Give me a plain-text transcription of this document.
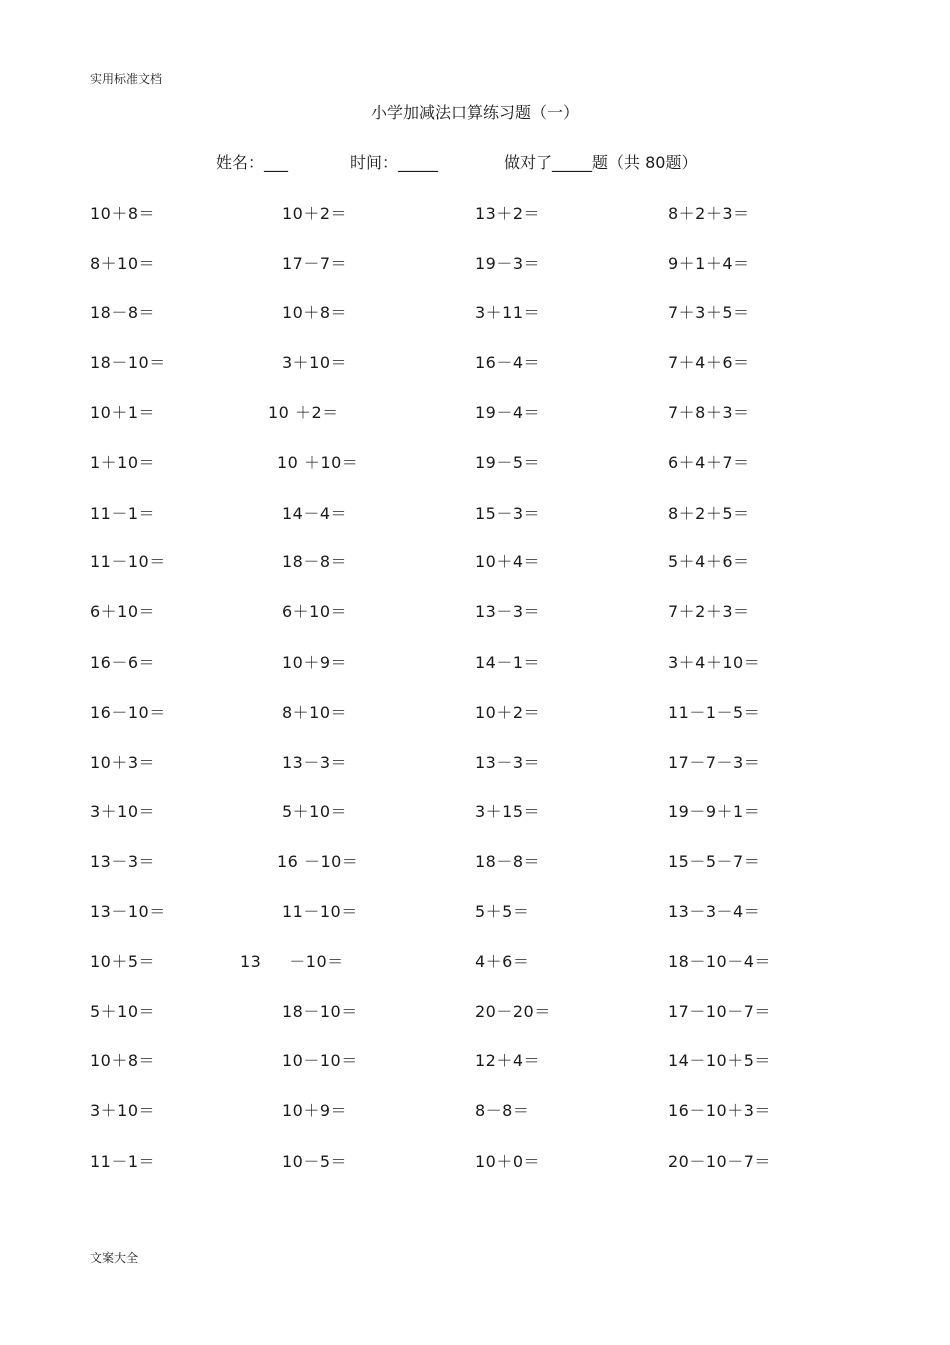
实用标准文档
小学加减法口算练习题（一）
姓名：___	时间：_____	做对了_____题（共 80题）
10＋8＝
8＋10＝
18－8＝
18－10＝
10＋1＝
1＋10＝
11－1＝
11－10＝
6＋10＝
16－6＝
16－10＝
10＋3＝
3＋10＝
13－3＝
13－10＝
10＋5＝
5＋10＝
10＋8＝
3＋10＝
11－1＝
10＋2＝
17－7＝
10＋8＝
3＋10＝
10 ＋2＝
10 ＋10＝
14－4＝
18－8＝
6＋10＝
10＋9＝
8＋10＝
13－3＝
5＋10＝
16 －10＝
11－10＝
13     －10＝
18－10＝
10－10＝
10＋9＝
10－5＝
13＋2＝
19－3＝
3＋11＝
16－4＝
19－4＝
19－5＝
15－3＝
10＋4＝
13－3＝
14－1＝
10＋2＝
13－3＝
3＋15＝
18－8＝
5＋5＝
4＋6＝
20－20＝
12＋4＝
8－8＝
10＋0＝
8＋2＋3＝
9＋1＋4＝
7＋3＋5＝
7＋4＋6＝
7＋8＋3＝
6＋4＋7＝
8＋2＋5＝
5＋4＋6＝
7＋2＋3＝
3＋4＋10＝
11－1－5＝
17－7－3＝
19－9＋1＝
15－5－7＝
13－3－4＝
18－10－4＝
17－10－7＝
14－10＋5＝
16－10＋3＝
20－10－7＝
文案大全
